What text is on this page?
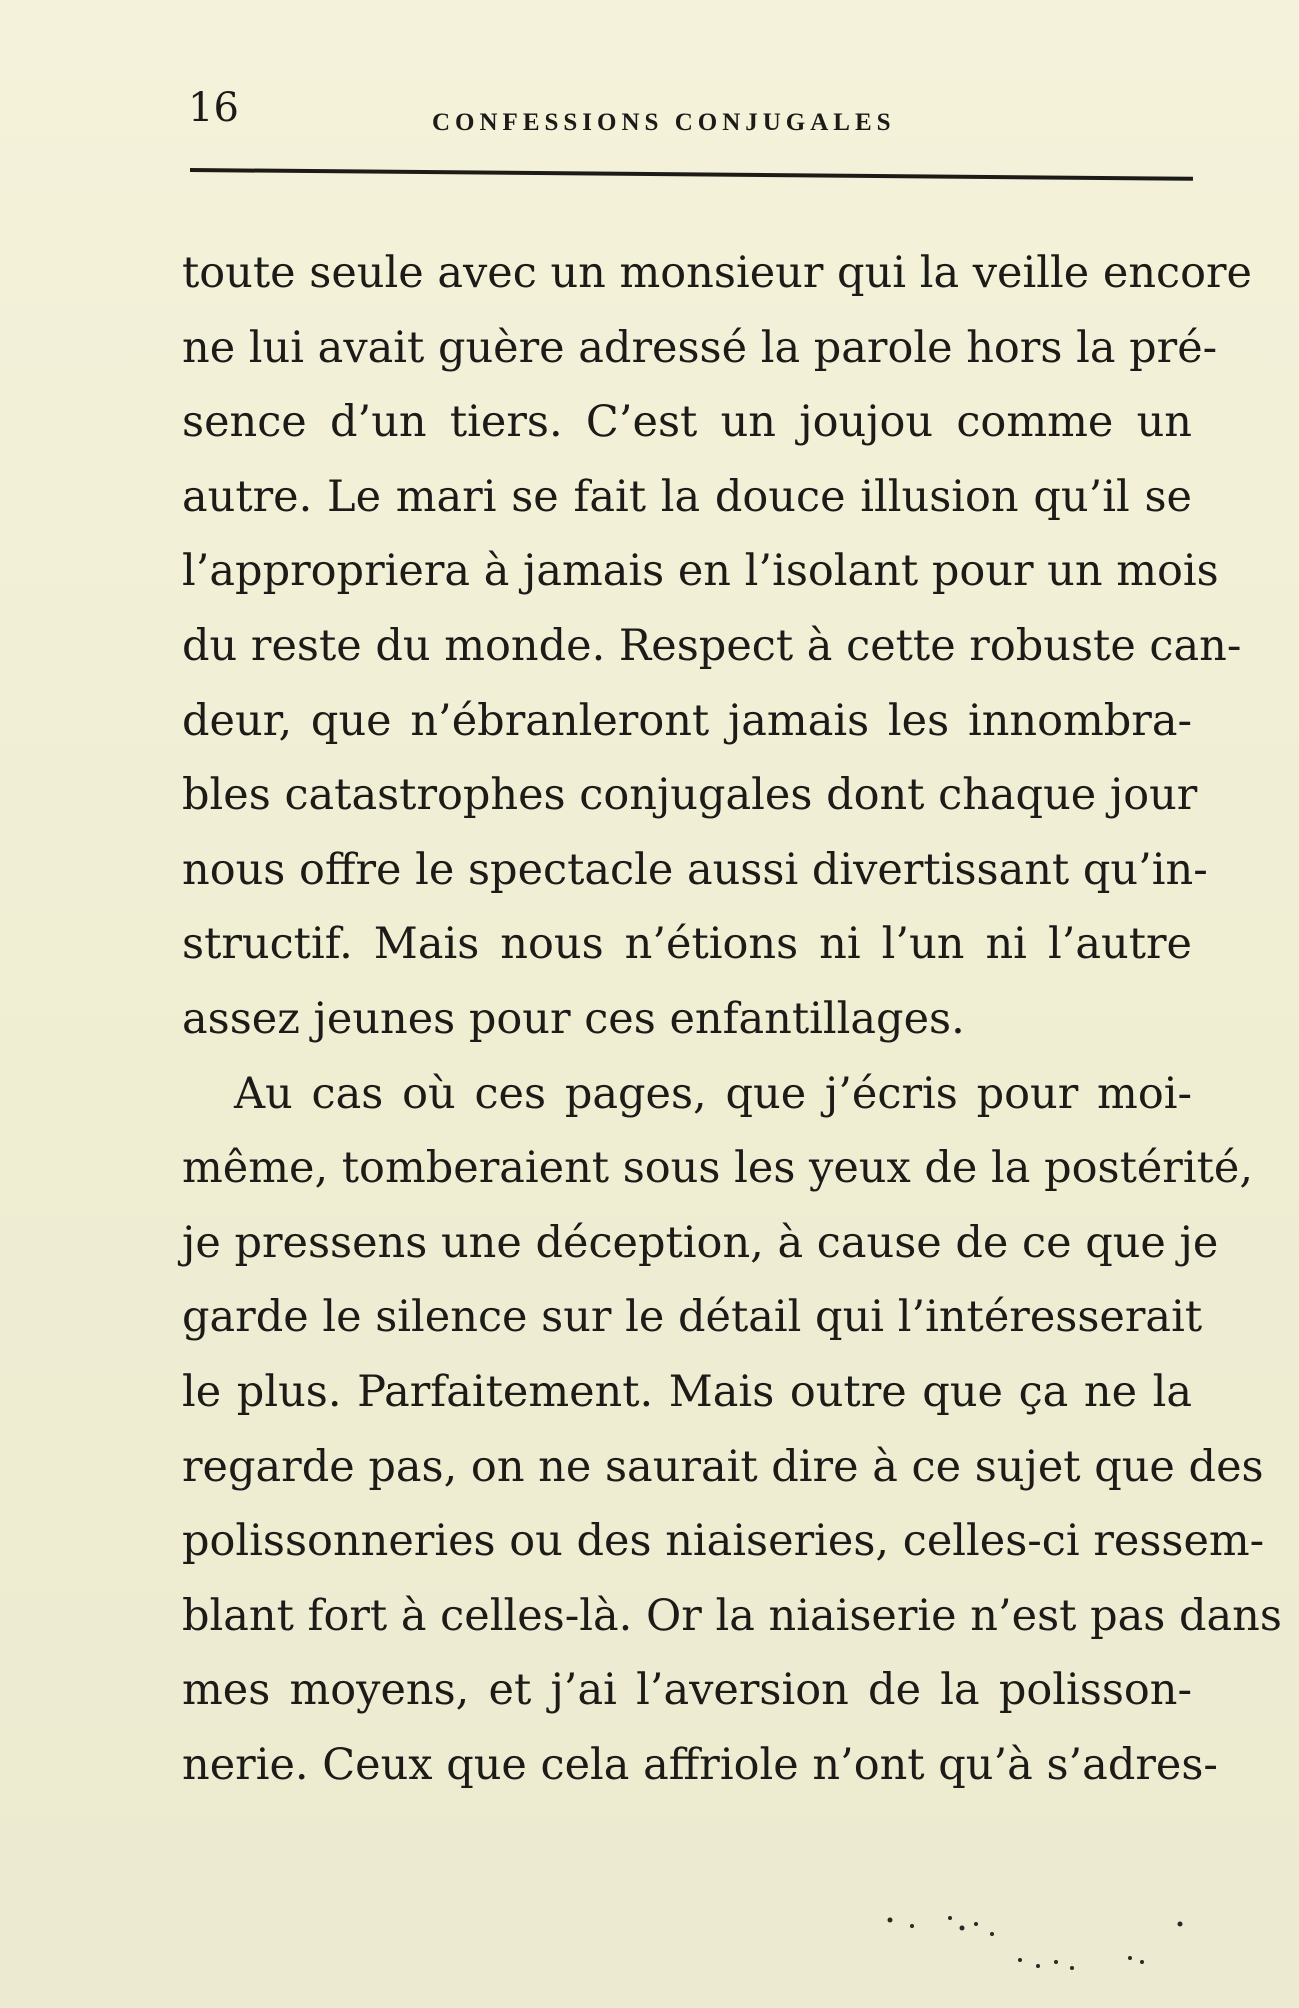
16	CONFESSIONS CONJUGALES
toute seule avec un monsieur qui la veille encore
ne lui avait guère adressé la parole hors la pré-
sence d’un tiers. C’est un joujou comme un
autre. Le mari se fait la douce illusion qu’il se
l’appropriera à jamais en l’isolant pour un mois
du reste du monde. Respect à cette robuste can-
deur, que n’ébranleront jamais les innombra-
bles catastrophes conjugales dont chaque jour
nous offre le spectacle aussi divertissant qu’in-
structif. Mais nous n’étions ni l’un ni l’autre
assez jeunes pour ces enfantillages.
Au cas où ces pages, que j’écris pour moi-
même, tomberaient sous les yeux de la postérité,
je pressens une déception, à cause de ce que je
garde le silence sur le détail qui l’intéresserait
le plus. Parfaitement. Mais outre que ça ne la
regarde pas, on ne saurait dire à ce sujet que des
polissonneries ou des niaiseries, celles-ci ressem-
blant fort à celles-là. Or la niaiserie n’est pas dans
mes moyens, et j’ai l’aversion de la polisson-
nerie. Ceux que cela affriole n’ont qu’à s’adres-
